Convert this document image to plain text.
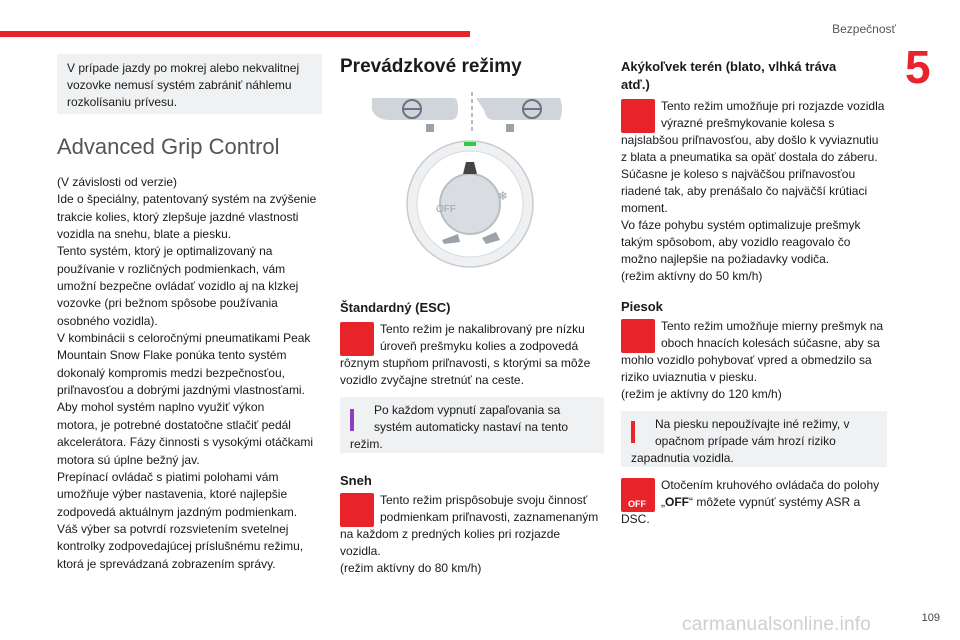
Bezpečnosť
5

V prípade jazdy po mokrej alebo nekvalitnej vozovke nemusí systém zabrániť náhlemu rozkolísaniu prívesu.

Advanced Grip Control
(V závislosti od verzie)
Ide o špeciálny, patentovaný systém na zvýšenie
trakcie kolies, ktorý zlepšuje jazdné vlastnosti
vozidla na snehu, blate a piesku.
Tento systém, ktorý je optimalizovaný na
používanie v rozličných podmienkach, vám
umožní bezpečne ovládať vozidlo aj na klzkej
vozovke (pri bežnom spôsobe používania
osobného vozidla).
V kombinácii s celoročnými pneumatikami Peak
Mountain Snow Flake ponúka tento systém
dokonalý kompromis medzi bezpečnosťou,
priľnavosťou a dobrými jazdnými vlastnosťami.
Aby mohol systém naplno využiť výkon
motora, je potrebné dostatočne stlačiť pedál
akcelerátora. Fázy činnosti s vysokými otáčkami
motora sú úplne bežný jav.
Prepínací ovládač s piatimi polohami vám
umožňuje výber nastavenia, ktoré najlepšie
zodpovedá aktuálnym jazdným podmienkam.
Váš výber sa potvrdí rozsvietením svetelnej
kontrolky zodpovedajúcej príslušnému režimu,
ktorá je sprevádzaná zobrazením správy.
Prevádzkové režimy
OFF
❄
Štandardný (ESC)

Tento režim je nakalibrovaný pre nízku
úroveň prešmyku kolies a zodpovedá

rôznym stupňom priľnavosti, s ktorými sa môže
vozidlo zvyčajne stretnúť na ceste.

Po každom vypnutí zapaľovania sa
systém automaticky nastaví na tento

režim.

Sneh

Tento režim prispôsobuje svoju činnosť
podmienkam priľnavosti, zaznamenaným

na každom z predných kolies pri rozjazde
vozidla.
(režim aktívny do 80 km/h)

Akýkoľvek terén (blato, vlhká tráva
atď.)

Tento režim umožňuje pri rozjazde vozidla
výrazné prešmykovanie kolesa s

najslabšou priľnavosťou, aby došlo k vyviaznutiu
z blata a pneumatika sa opäť dostala do záberu.
Súčasne je koleso s najväčšou priľnavosťou
riadené tak, aby prenášalo čo najväčší krútiaci
moment.
Vo fáze pohybu systém optimalizuje prešmyk
takým spôsobom, aby vozidlo reagovalo čo
možno najlepšie na požiadavky vodiča.
(režim aktívny do 50 km/h)

Piesok

Tento režim umožňuje mierny prešmyk na
oboch hnacích kolesách súčasne, aby sa

mohlo vozidlo pohybovať vpred a obmedzilo sa
riziko uviaznutia v piesku.
(režim je aktívny do 120 km/h)

Na piesku nepoužívajte iné režimy, v
opačnom prípade vám hrozí riziko

zapadnutia vozidla.

OFF

Otočením kruhového ovládača do polohy

„OFF“ môžete vypnúť systémy ASR a

DSC.

carmanualsonline.info	109
